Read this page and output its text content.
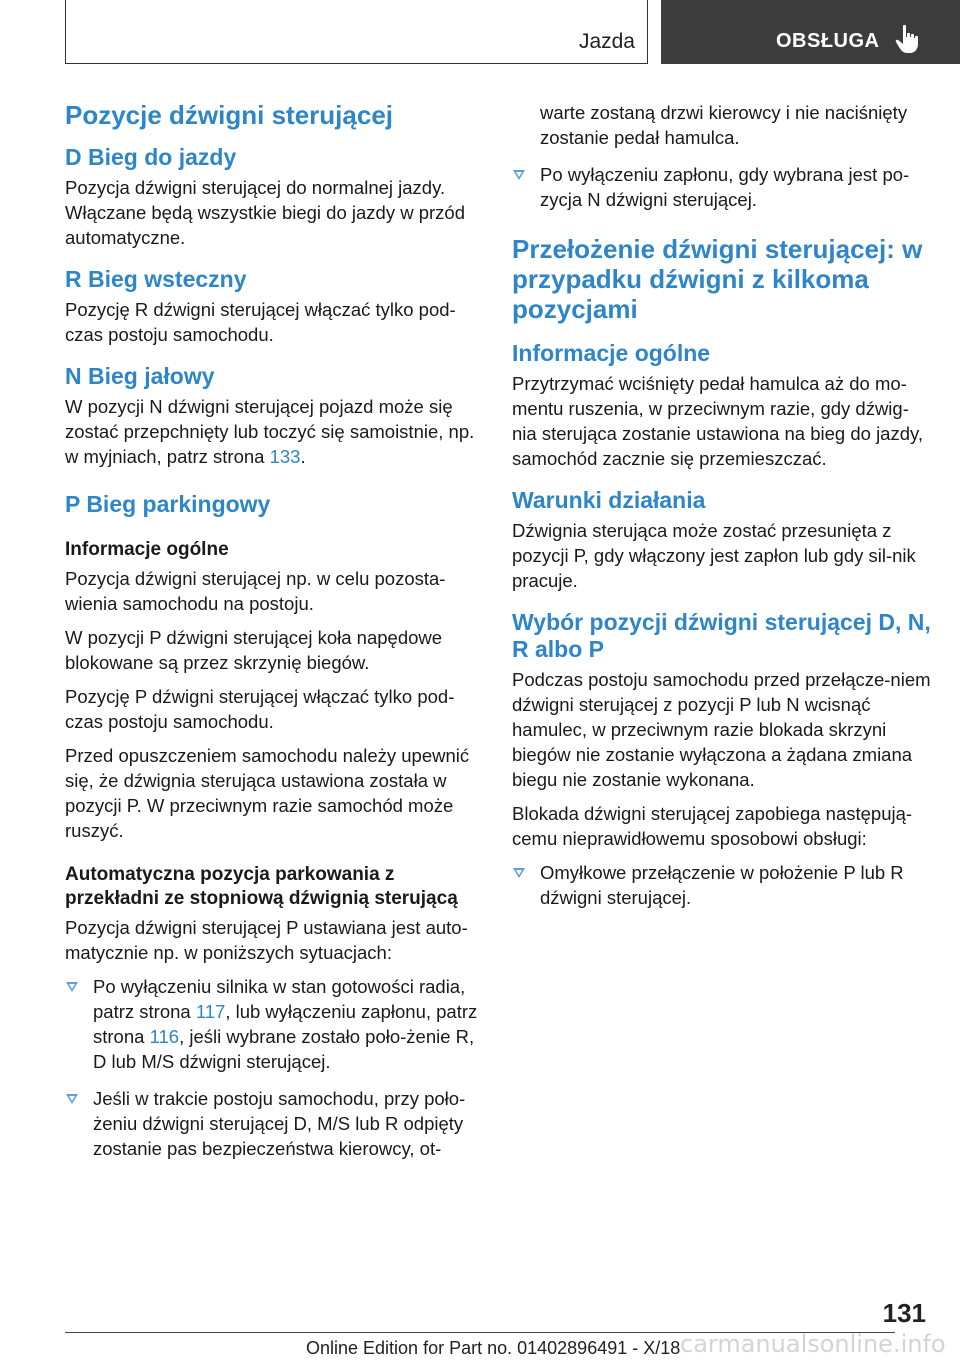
Jazda	OBSŁUGA
Pozycje dźwigni sterującej
D Bieg do jazdy

Pozycja dźwigni sterującej do normalnej jazdy. Włączane będą wszystkie biegi do jazdy w przód automatyczne.

R Bieg wsteczny

Pozycję R dźwigni sterującej włączać tylko pod-czas postoju samochodu.

N Bieg jałowy

W pozycji N dźwigni sterującej pojazd może się zostać przepchnięty lub toczyć się samoistnie, np. w myjniach, patrz strona 133.

P Bieg parkingowy
Informacje ogólne

Pozycja dźwigni sterującej np. w celu pozosta-wienia samochodu na postoju.

W pozycji P dźwigni sterującej koła napędowe blokowane są przez skrzynię biegów.

Pozycję P dźwigni sterującej włączać tylko pod-czas postoju samochodu.

Przed opuszczeniem samochodu należy upewnić się, że dźwignia sterująca ustawiona została w pozycji P. W przeciwnym razie samochód może ruszyć.

Automatyczna pozycja parkowania z przekładni ze stopniową dźwignią sterującą

Pozycja dźwigni sterującej P ustawiana jest auto-matycznie np. w poniższych sytuacjach:

Po wyłączeniu silnika w stan gotowości radia, patrz strona 117, lub wyłączeniu zapłonu, patrz strona 116, jeśli wybrane zostało poło-żenie R, D lub M/S dźwigni sterującej.
Jeśli w trakcie postoju samochodu, przy poło-żeniu dźwigni sterującej D, M/S lub R odpięty zostanie pas bezpieczeństwa kierowcy, ot-

warte zostaną drzwi kierowcy i nie naciśnięty zostanie pedał hamulca.

Po wyłączeniu zapłonu, gdy wybrana jest po-zycja N dźwigni sterującej.
Przełożenie dźwigni sterującej: w przypadku dźwigni z kilkoma pozycjami
Informacje ogólne

Przytrzymać wciśnięty pedał hamulca aż do mo-mentu ruszenia, w przeciwnym razie, gdy dźwig-nia sterująca zostanie ustawiona na bieg do jazdy, samochód zacznie się przemieszczać.

Warunki działania

Dźwignia sterująca może zostać przesunięta z pozycji P, gdy włączony jest zapłon lub gdy sil-nik pracuje.

Wybór pozycji dźwigni sterującej D, N, R albo P

Podczas postoju samochodu przed przełącze-niem dźwigni sterującej z pozycji P lub N wcisnąć hamulec, w przeciwnym razie blokada skrzyni biegów nie zostanie wyłączona a żądana zmiana biegu nie zostanie wykonana.

Blokada dźwigni sterującej zapobiega następują-cemu nieprawidłowemu sposobowi obsługi:

Omyłkowe przełączenie w położenie P lub R dźwigni sterującej.
131
Online Edition for Part no. 01402896491 - X/18 carmanualsonline.info
